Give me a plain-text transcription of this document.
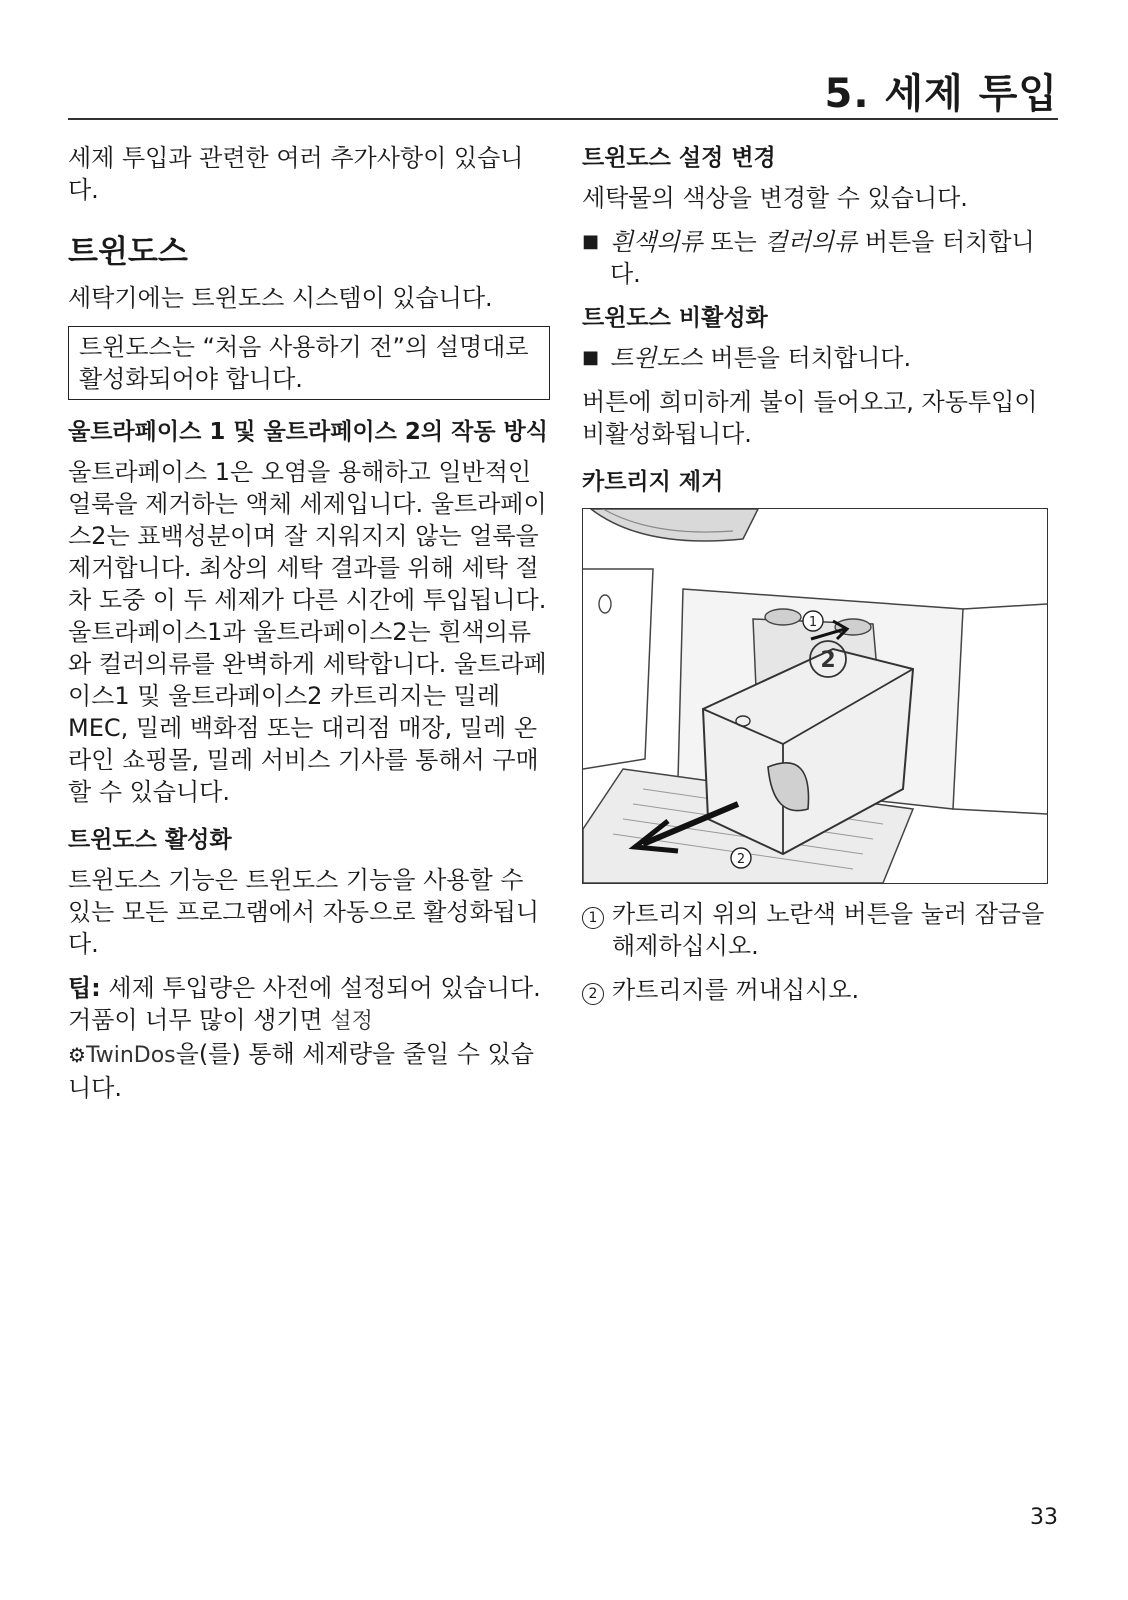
5. 세제 투입

세제 투입과 관련한 여러 추가사항이 있습니다.

트윈도스

세탁기에는 트윈도스 시스템이 있습니다.

트윈도스는 “처음 사용하기 전”의 설명대로 활성화되어야 합니다.

울트라페이스 1 및 울트라페이스 2의 작동 방식

울트라페이스 1은 오염을 용해하고 일반적인 얼룩을 제거하는 액체 세제입니다. 울트라페이스2는 표백성분이며 잘 지워지지 않는 얼룩을 제거합니다. 최상의 세탁 결과를 위해 세탁 절차 도중 이 두 세제가 다른 시간에 투입됩니다. 울트라페이스1과 울트라페이스2는 흰색의류와 컬러의류를 완벽하게 세탁합니다. 울트라페이스1 및 울트라페이스2 카트리지는 밀레 MEC, 밀레 백화점 또는 대리점 매장, 밀레 온라인 쇼핑몰, 밀레 서비스 기사를 통해서 구매할 수 있습니다.

트윈도스 활성화

트윈도스 기능은 트윈도스 기능을 사용할 수 있는 모든 프로그램에서 자동으로 활성화됩니다.

팁: 세제 투입량은 사전에 설정되어 있습니다. 거품이 너무 많이 생기면 설정
⚙TwinDos을(를) 통해 세제량을 줄일 수 있습니다.

트윈도스 설정 변경

세탁물의 색상을 변경할 수 있습니다.

■ 흰색의류 또는 컬러의류 버튼을 터치합니다.
트윈도스 비활성화
■ 트윈도스 버튼을 터치합니다.

버튼에 희미하게 불이 들어오고, 자동투입이 비활성화됩니다.

카트리지 제거
2
1
2
1 카트리지 위의 노란색 버튼을 눌러 잠금을 해제하십시오.
2 카트리지를 꺼내십시오.
33
